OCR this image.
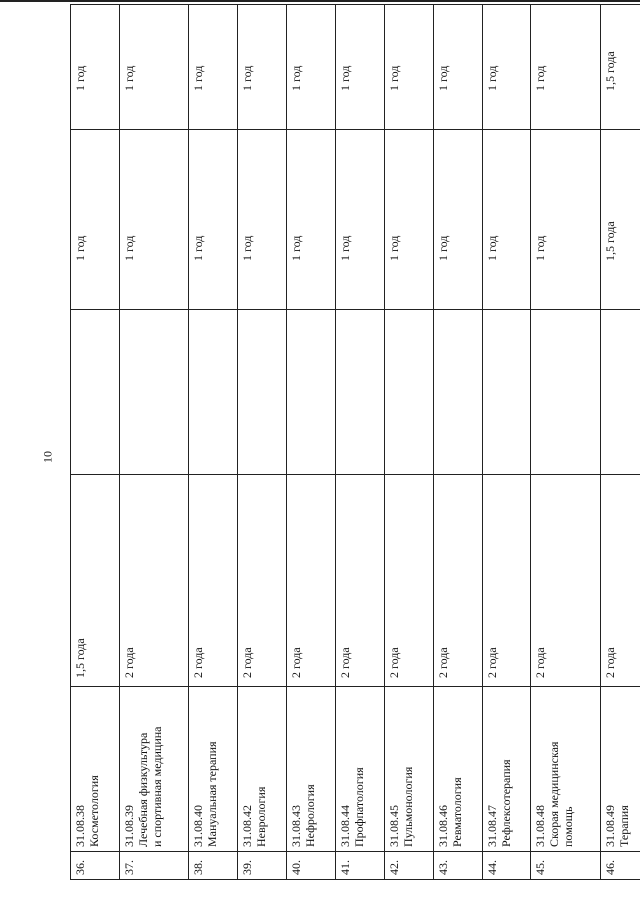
10
36.	31.08.38 Косметология	1,5 года		1 год	1 год
37.	31.08.39 Лечебная физкультура
и спортивная медицина	2 года		1 год	1 год
38.	31.08.40 Мануальная терапия	2 года		1 год	1 год
39.	31.08.42 Неврология	2 года		1 год	1 год
40.	31.08.43 Нефрология	2 года		1 год	1 год
41.	31.08.44 Профпатология	2 года		1 год	1 год
42.	31.08.45 Пульмонология	2 года		1 год	1 год
43.	31.08.46 Ревматология	2 года		1 год	1 год
44.	31.08.47 Рефлексотерапия	2 года		1 год	1 год
45.	31.08.48 Скорая медицинская
помощь	2 года		1 год	1 год
46.	31.08.49 Терапия	2 года		1,5 года	1,5 года
